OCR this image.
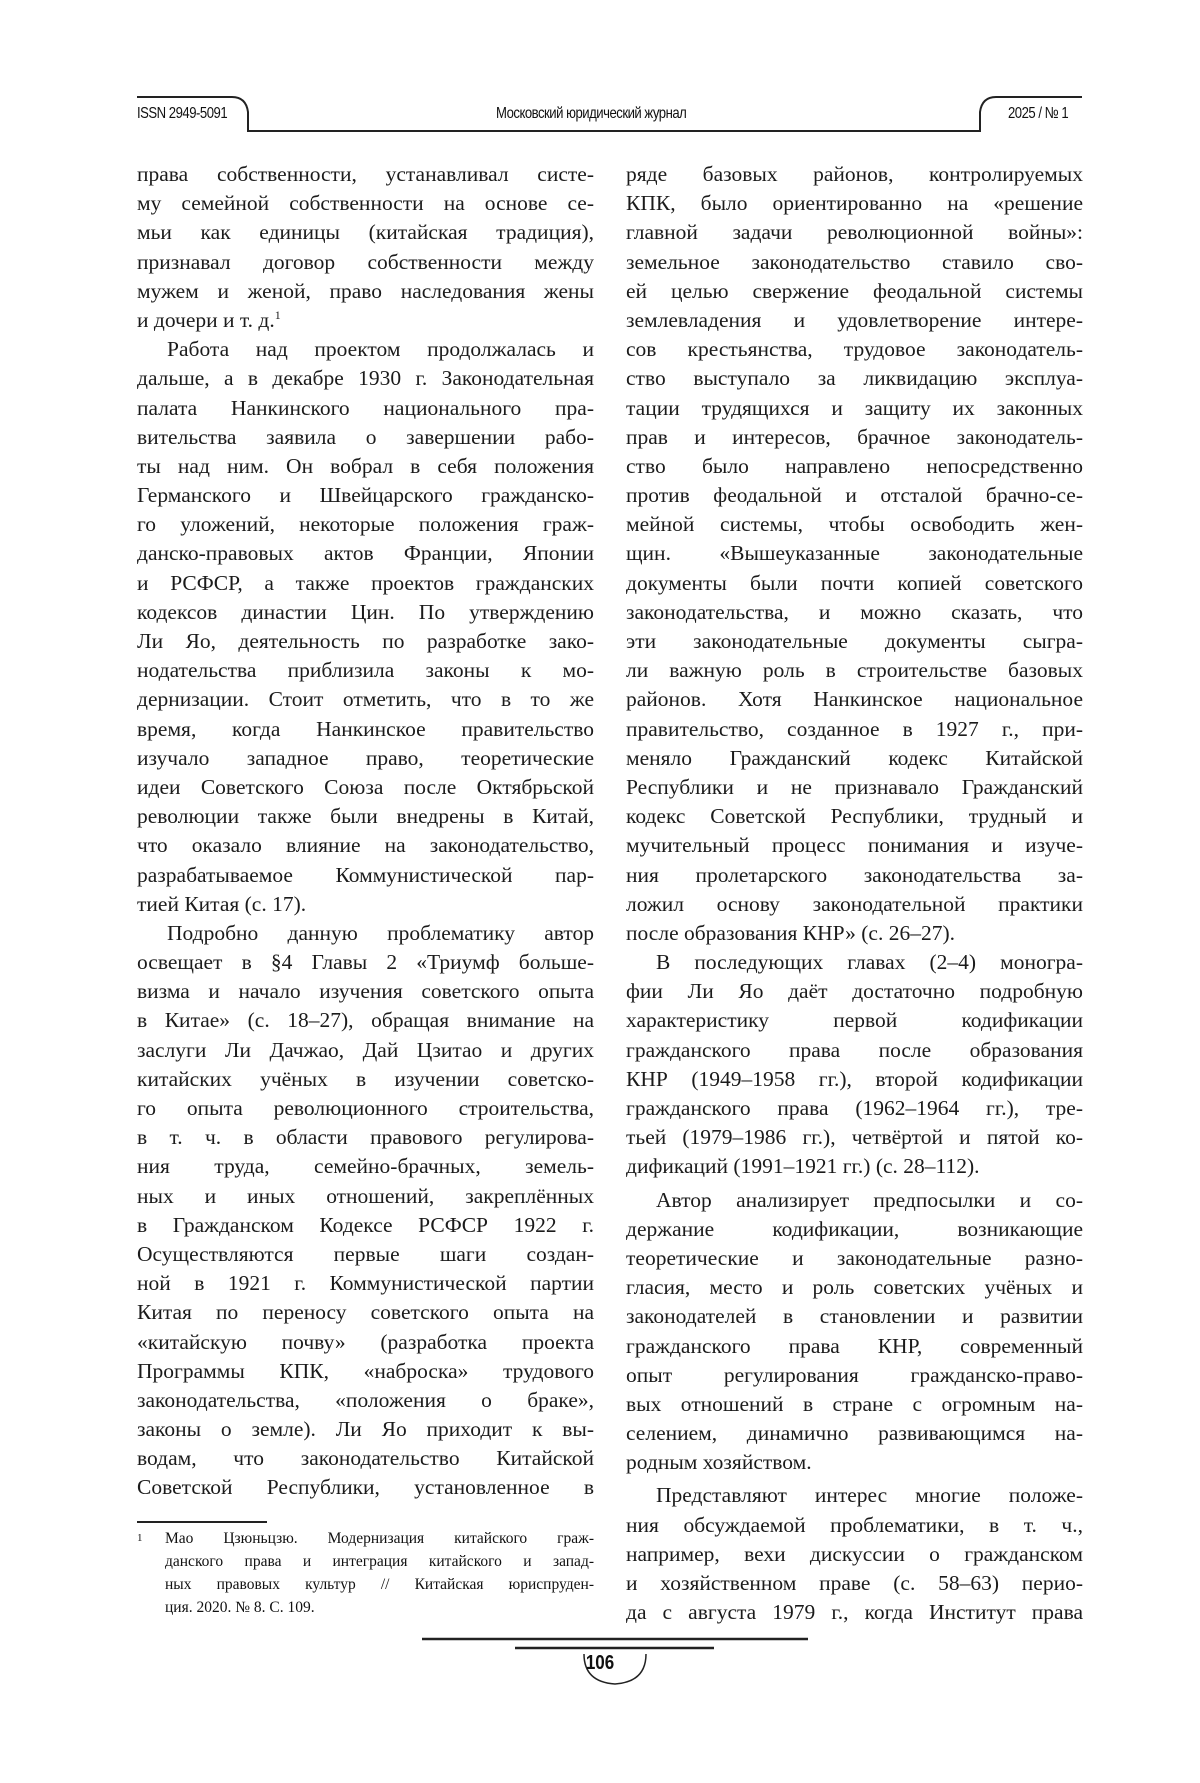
ISSN 2949-5091	Московский юридический журнал	2025 / № 1
права собственности, устанавливал систе-
му семейной собственности на основе се-
мьи как единицы (китайская традиция),
признавал договор собственности между
мужем и женой, право наследования жены
и дочери и т. д.1
Работа над проектом продолжалась и
дальше, а в декабре 1930 г. Законодательная
палата Нанкинского национального пра-
вительства заявила о завершении рабо-
ты над ним. Он вобрал в себя положения
Германского и Швейцарского гражданско-
го уложений, некоторые положения граж-
данско-правовых актов Франции, Японии
и РСФСР, а также проектов гражданских
кодексов династии Цин. По утверждению
Ли Яо, деятельность по разработке зако-
нодательства приблизила законы к мо-
дернизации. Стоит отметить, что в то же
время, когда Нанкинское правительство
изучало западное право, теоретические
идеи Советского Союза после Октябрьской
революции также были внедрены в Китай,
что оказало влияние на законодательство,
разрабатываемое Коммунистической пар-
тией Китая (с. 17).
Подробно данную проблематику автор
освещает в §4 Главы 2 «Триумф больше-
визма и начало изучения советского опыта
в Китае» (с. 18–27), обращая внимание на
заслуги Ли Дачжао, Дай Цзитао и других
китайских учёных в изучении советско-
го опыта революционного строительства,
в т. ч. в области правового регулирова-
ния труда, семейно-брачных, земель-
ных и иных отношений, закреплённых
в Гражданском Кодексе РСФСР 1922 г.
Осуществляются первые шаги создан-
ной в 1921 г. Коммунистической партии
Китая по переносу советского опыта на
«китайскую почву» (разработка проекта
Программы КПК, «наброска» трудового
законодательства, «положения о браке»,
законы о земле). Ли Яо приходит к вы-
водам, что законодательство Китайской
Советской Республики, установленное в
ряде базовых районов, контролируемых
КПК, было ориентированно на «решение
главной задачи революционной войны»:
земельное законодательство ставило сво-
ей целью свержение феодальной системы
землевладения и удовлетворение интере-
сов крестьянства, трудовое законодатель-
ство выступало за ликвидацию эксплуа-
тации трудящихся и защиту их законных
прав и интересов, брачное законодатель-
ство было направлено непосредственно
против феодальной и отсталой брачно-се-
мейной системы, чтобы освободить жен-
щин. «Вышеуказанные законодательные
документы были почти копией советского
законодательства, и можно сказать, что
эти законодательные документы сыгра-
ли важную роль в строительстве базовых
районов. Хотя Нанкинское национальное
правительство, созданное в 1927 г., при-
меняло Гражданский кодекс Китайской
Республики и не признавало Гражданский
кодекс Советской Республики, трудный и
мучительный процесс понимания и изуче-
ния пролетарского законодательства за-
ложил основу законодательной практики
после образования КНР» (с. 26–27).
В последующих главах (2–4) моногра-
фии Ли Яо даёт достаточно подробную
характеристику первой кодификации
гражданского права после образования
КНР (1949–1958 гг.), второй кодификации
гражданского права (1962–1964 гг.), тре-
тьей (1979–1986 гг.), четвёртой и пятой ко-
дификаций (1991–1921 гг.) (с. 28–112).
Автор анализирует предпосылки и со-
держание кодификации, возникающие
теоретические и законодательные разно-
гласия, место и роль советских учёных и
законодателей в становлении и развитии
гражданского права КНР, современный
опыт регулирования гражданско-право-
вых отношений в стране с огромным на-
селением, динамично развивающимся на-
родным хозяйством.
Представляют интерес многие положе-
ния обсуждаемой проблематики, в т. ч.,
например, вехи дискуссии о гражданском
и хозяйственном праве (с. 58–63) перио-
да с августа 1979 г., когда Институт права
1 Мао Цзюньцзю. Модернизация китайского граж-
данского права и интеграция китайского и запад-
ных правовых культур // Китайская юриспруден-
ция. 2020. № 8. С. 109.
106
